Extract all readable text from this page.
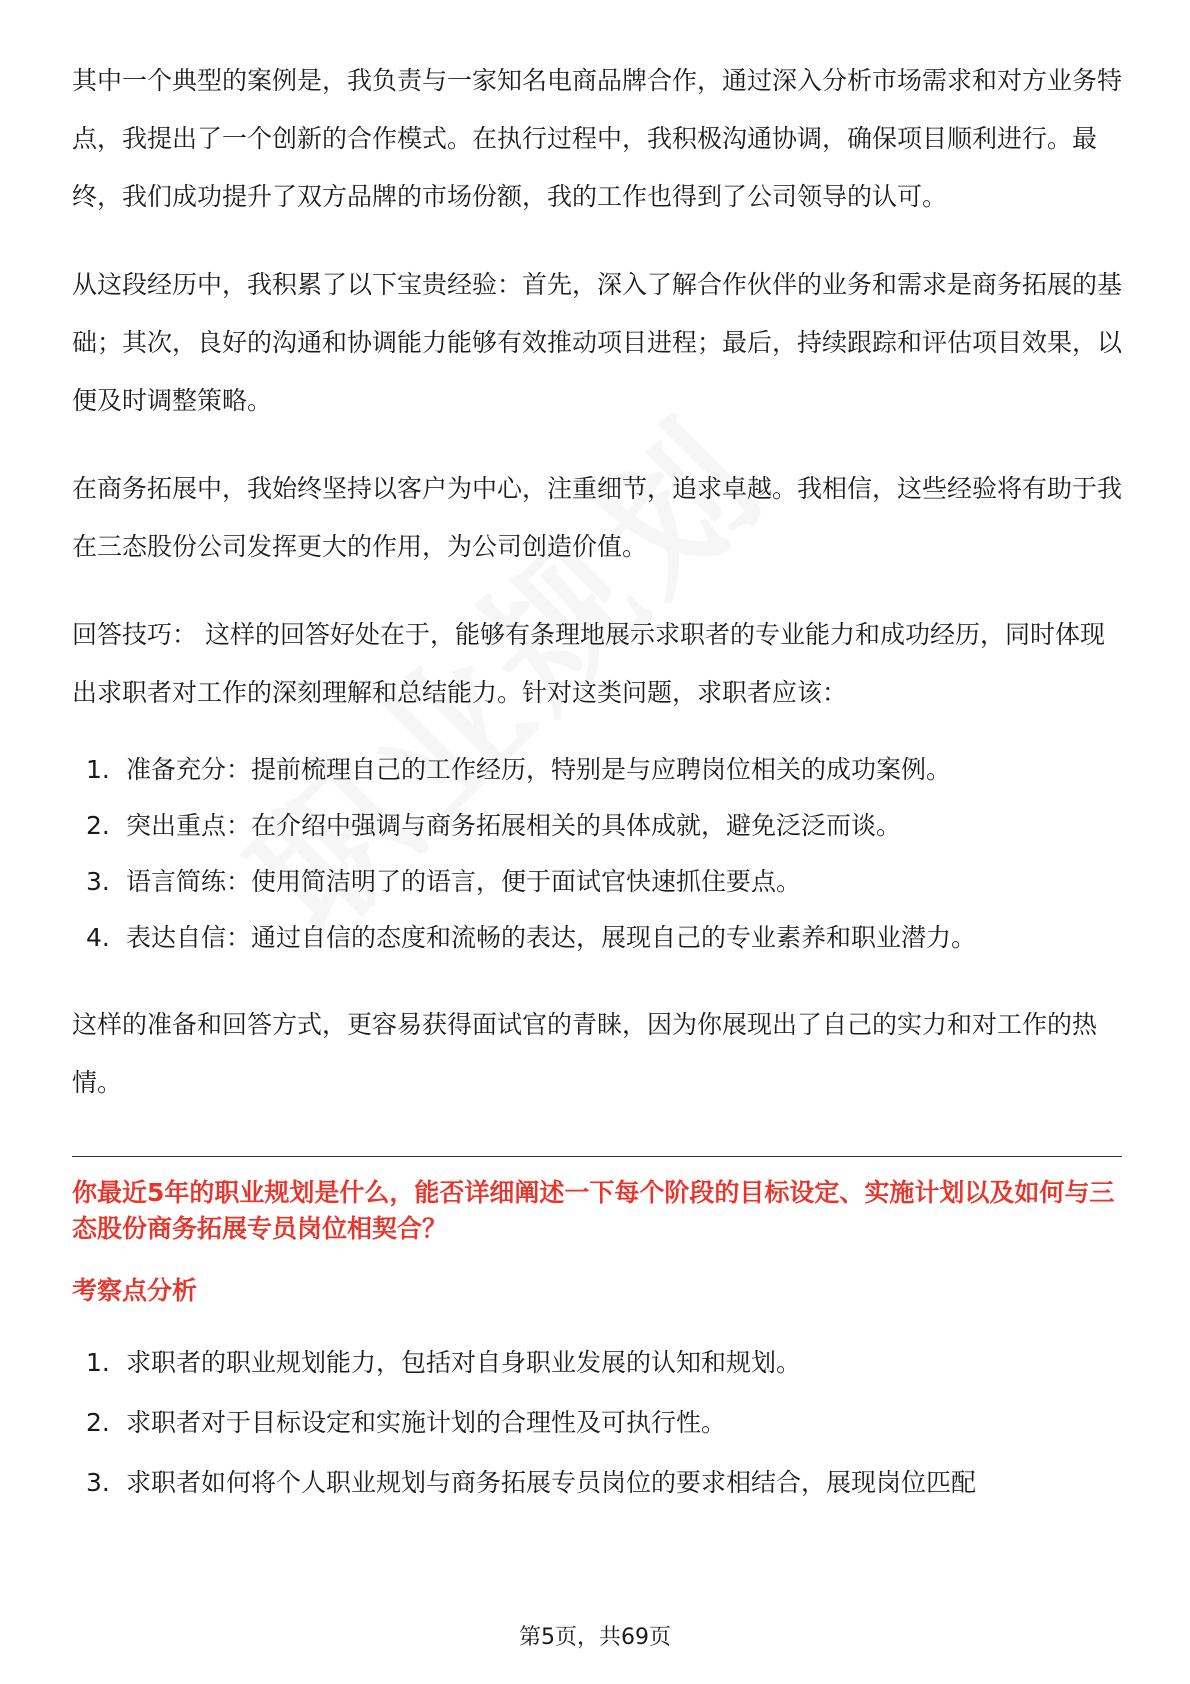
其中一个典型的案例是，我负责与一家知名电商品牌合作，通过深入分析市场需求和对方业务特点，我提出了一个创新的合作模式。在执行过程中，我积极沟通协调，确保项目顺利进行。最终，我们成功提升了双方品牌的市场份额，我的工作也得到了公司领导的认可。

从这段经历中，我积累了以下宝贵经验：首先，深入了解合作伙伴的业务和需求是商务拓展的基础；其次，良好的沟通和协调能力能够有效推动项目进程；最后，持续跟踪和评估项目效果，以便及时调整策略。

在商务拓展中，我始终坚持以客户为中心，注重细节，追求卓越。我相信，这些经验将有助于我在三态股份公司发挥更大的作用，为公司创造价值。

回答技巧： 这样的回答好处在于，能够有条理地展示求职者的专业能力和成功经历，同时体现出求职者对工作的深刻理解和总结能力。针对这类问题，求职者应该：

1. 准备充分：提前梳理自己的工作经历，特别是与应聘岗位相关的成功案例。
2. 突出重点：在介绍中强调与商务拓展相关的具体成就，避免泛泛而谈。
3. 语言简练：使用简洁明了的语言，便于面试官快速抓住要点。
4. 表达自信：通过自信的态度和流畅的表达，展现自己的专业素养和职业潜力。

这样的准备和回答方式，更容易获得面试官的青睐，因为你展现出了自己的实力和对工作的热情。

你最近5年的职业规划是什么，能否详细阐述一下每个阶段的目标设定、实施计划以及如何与三态股份商务拓展专员岗位相契合？

考察点分析

1. 求职者的职业规划能力，包括对自身职业发展的认知和规划。
2. 求职者对于目标设定和实施计划的合理性及可执行性。
3. 求职者如何将个人职业规划与商务拓展专员岗位的要求相结合，展现岗位匹配
第5页，共69页
